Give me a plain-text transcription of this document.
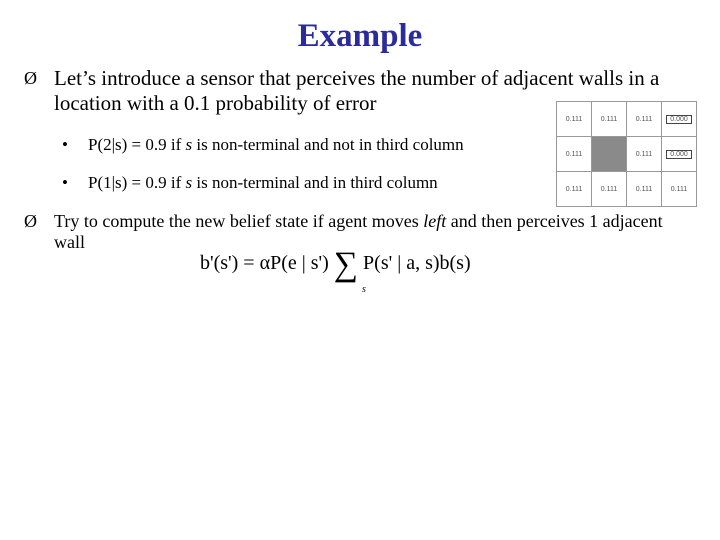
Example
Ø Let’s introduce a sensor that perceives the number of adjacent walls in a location with a 0.1 probability of error
• P(2|s) = 0.9 if s is non-terminal and not in third column
• P(1|s) = 0.9 if s is non-terminal and in third column
0.111	0.111	0.111	0.000
0.111		0.111	0.000
0.111	0.111	0.111	0.111
Ø Try to compute the new belief state if agent moves left and then perceives 1 adjacent wall
b'(s') = αP(e | s') ∑ P(s' | a, s)b(s)
s
